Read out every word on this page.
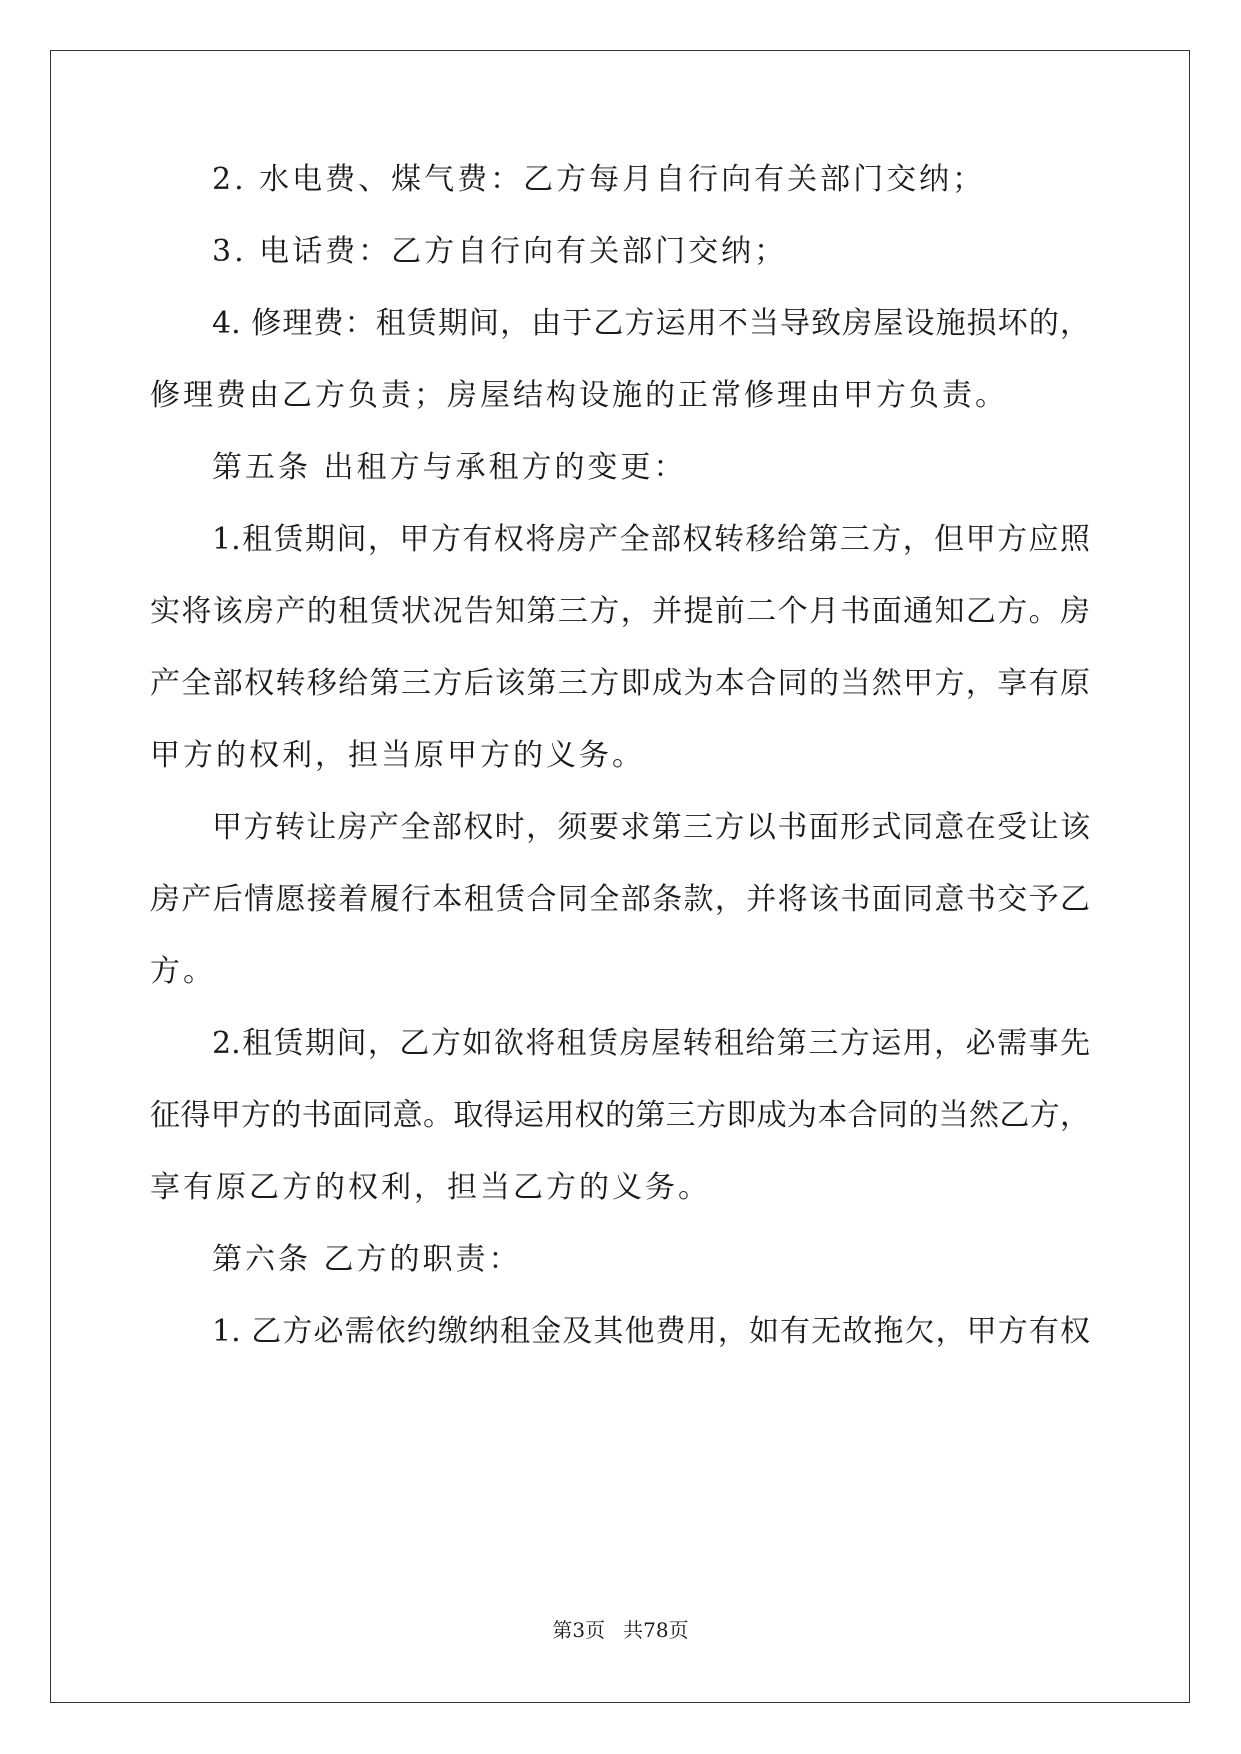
2. 水电费、煤气费：乙方每月自行向有关部门交纳；
3. 电话费：乙方自行向有关部门交纳；
4. 修理费：租赁期间，由于乙方运用不当导致房屋设施损坏的，
修理费由乙方负责；房屋结构设施的正常修理由甲方负责。
第五条 出租方与承租方的变更：
1.租赁期间，甲方有权将房产全部权转移给第三方，但甲方应照
实将该房产的租赁状况告知第三方，并提前二个月书面通知乙方。房
产全部权转移给第三方后该第三方即成为本合同的当然甲方，享有原
甲方的权利，担当原甲方的义务。
甲方转让房产全部权时，须要求第三方以书面形式同意在受让该
房产后情愿接着履行本租赁合同全部条款，并将该书面同意书交予乙
方。
2.租赁期间，乙方如欲将租赁房屋转租给第三方运用，必需事先
征得甲方的书面同意。取得运用权的第三方即成为本合同的当然乙方，
享有原乙方的权利，担当乙方的义务。
第六条 乙方的职责：
1. 乙方必需依约缴纳租金及其他费用，如有无故拖欠，甲方有权
第3页 共78页
